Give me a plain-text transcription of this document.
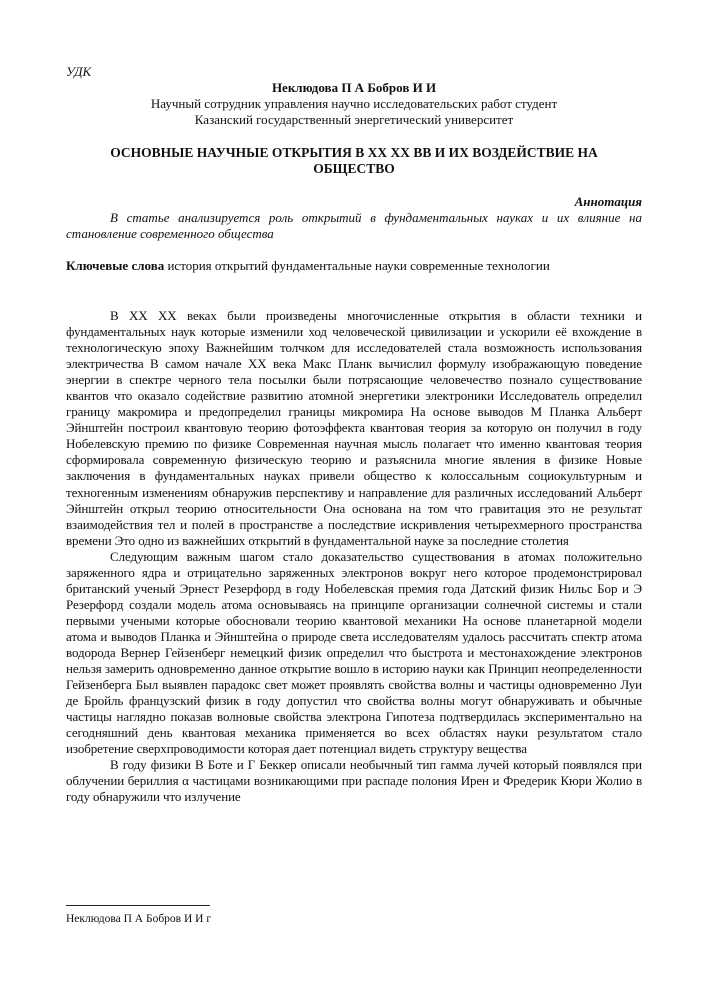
УДК
Неклюдова П А Бобров И И
Научный сотрудник управления научно исследовательских работ студент
Казанский государственный энергетический университет
ОСНОВНЫЕ НАУЧНЫЕ ОТКРЫТИЯ В XX XX ВВ И ИХ ВОЗДЕЙСТВИЕ НА ОБЩЕСТВО
Аннотация
В статье анализируется роль открытий в фундаментальных науках и их влияние на становление современного общества
Ключевые слова история открытий фундаментальные науки современные технологии

В XX XX веках были произведены многочисленные открытия в области техники и фундаментальных наук которые изменили ход человеческой цивилизации и ускорили её вхождение в технологическую эпоху Важнейшим толчком для исследователей стала возможность использования электричества В самом начале XX века Макс Планк вычислил формулу изображающую поведение энергии в спектре черного тела посылки были потрясающие человечество познало существование квантов что оказало содействие развитию атомной энергетики электроники Исследователь определил границу макромира и предопределил границы микромира На основе выводов М Планка Альберт Эйнштейн построил квантовую теорию фотоэффекта квантовая теория за которую он получил в году Нобелевскую премию по физике Современная научная мысль полагает что именно квантовая теория сформировала современную физическую теорию и разъяснила многие явления в физике Новые заключения в фундаментальных науках привели общество к колоссальным социокультурным и техногенным изменениям обнаружив перспективу и направление для различных исследований Альберт Эйнштейн открыл теорию относительности Она основана на том что гравитация это не результат взаимодействия тел и полей в пространстве а последствие искривления четырехмерного пространства времени Это одно из важнейших открытий в фундаментальной науке за последние столетия

Следующим важным шагом стало доказательство существования в атомах положительно заряженного ядра и отрицательно заряженных электронов вокруг него которое продемонстрировал британский ученый Эрнест Резерфорд в году Нобелевская премия года Датский физик Нильс Бор и Э Резерфорд создали модель атома основываясь на принципе организации солнечной системы и стали первыми учеными которые обосновали теорию квантовой механики На основе планетарной модели атома и выводов Планка и Эйнштейна о природе света исследователям удалось рассчитать спектр атома водорода Вернер Гейзенберг немецкий физик определил что быстрота и местонахождение электронов нельзя замерить одновременно данное открытие вошло в историю науки как Принцип неопределенности Гейзенберга Был выявлен парадокс свет может проявлять свойства волны и частицы одновременно Луи де Бройль французский физик в году допустил что свойства волны могут обнаруживать и обычные частицы наглядно показав волновые свойства электрона Гипотеза подтвердилась экспериментально на сегодняшний день квантовая механика применяется во всех областях науки результатом стало изобретение сверхпроводимости которая дает потенциал видеть структуру вещества

В году физики В Боте и Г Беккер описали необычный тип гамма лучей который появлялся при облучении бериллия α частицами возникающими при распаде полония Ирен и Фредерик Кюри Жолио в году обнаружили что излучение

Неклюдова П А Бобров И И г
